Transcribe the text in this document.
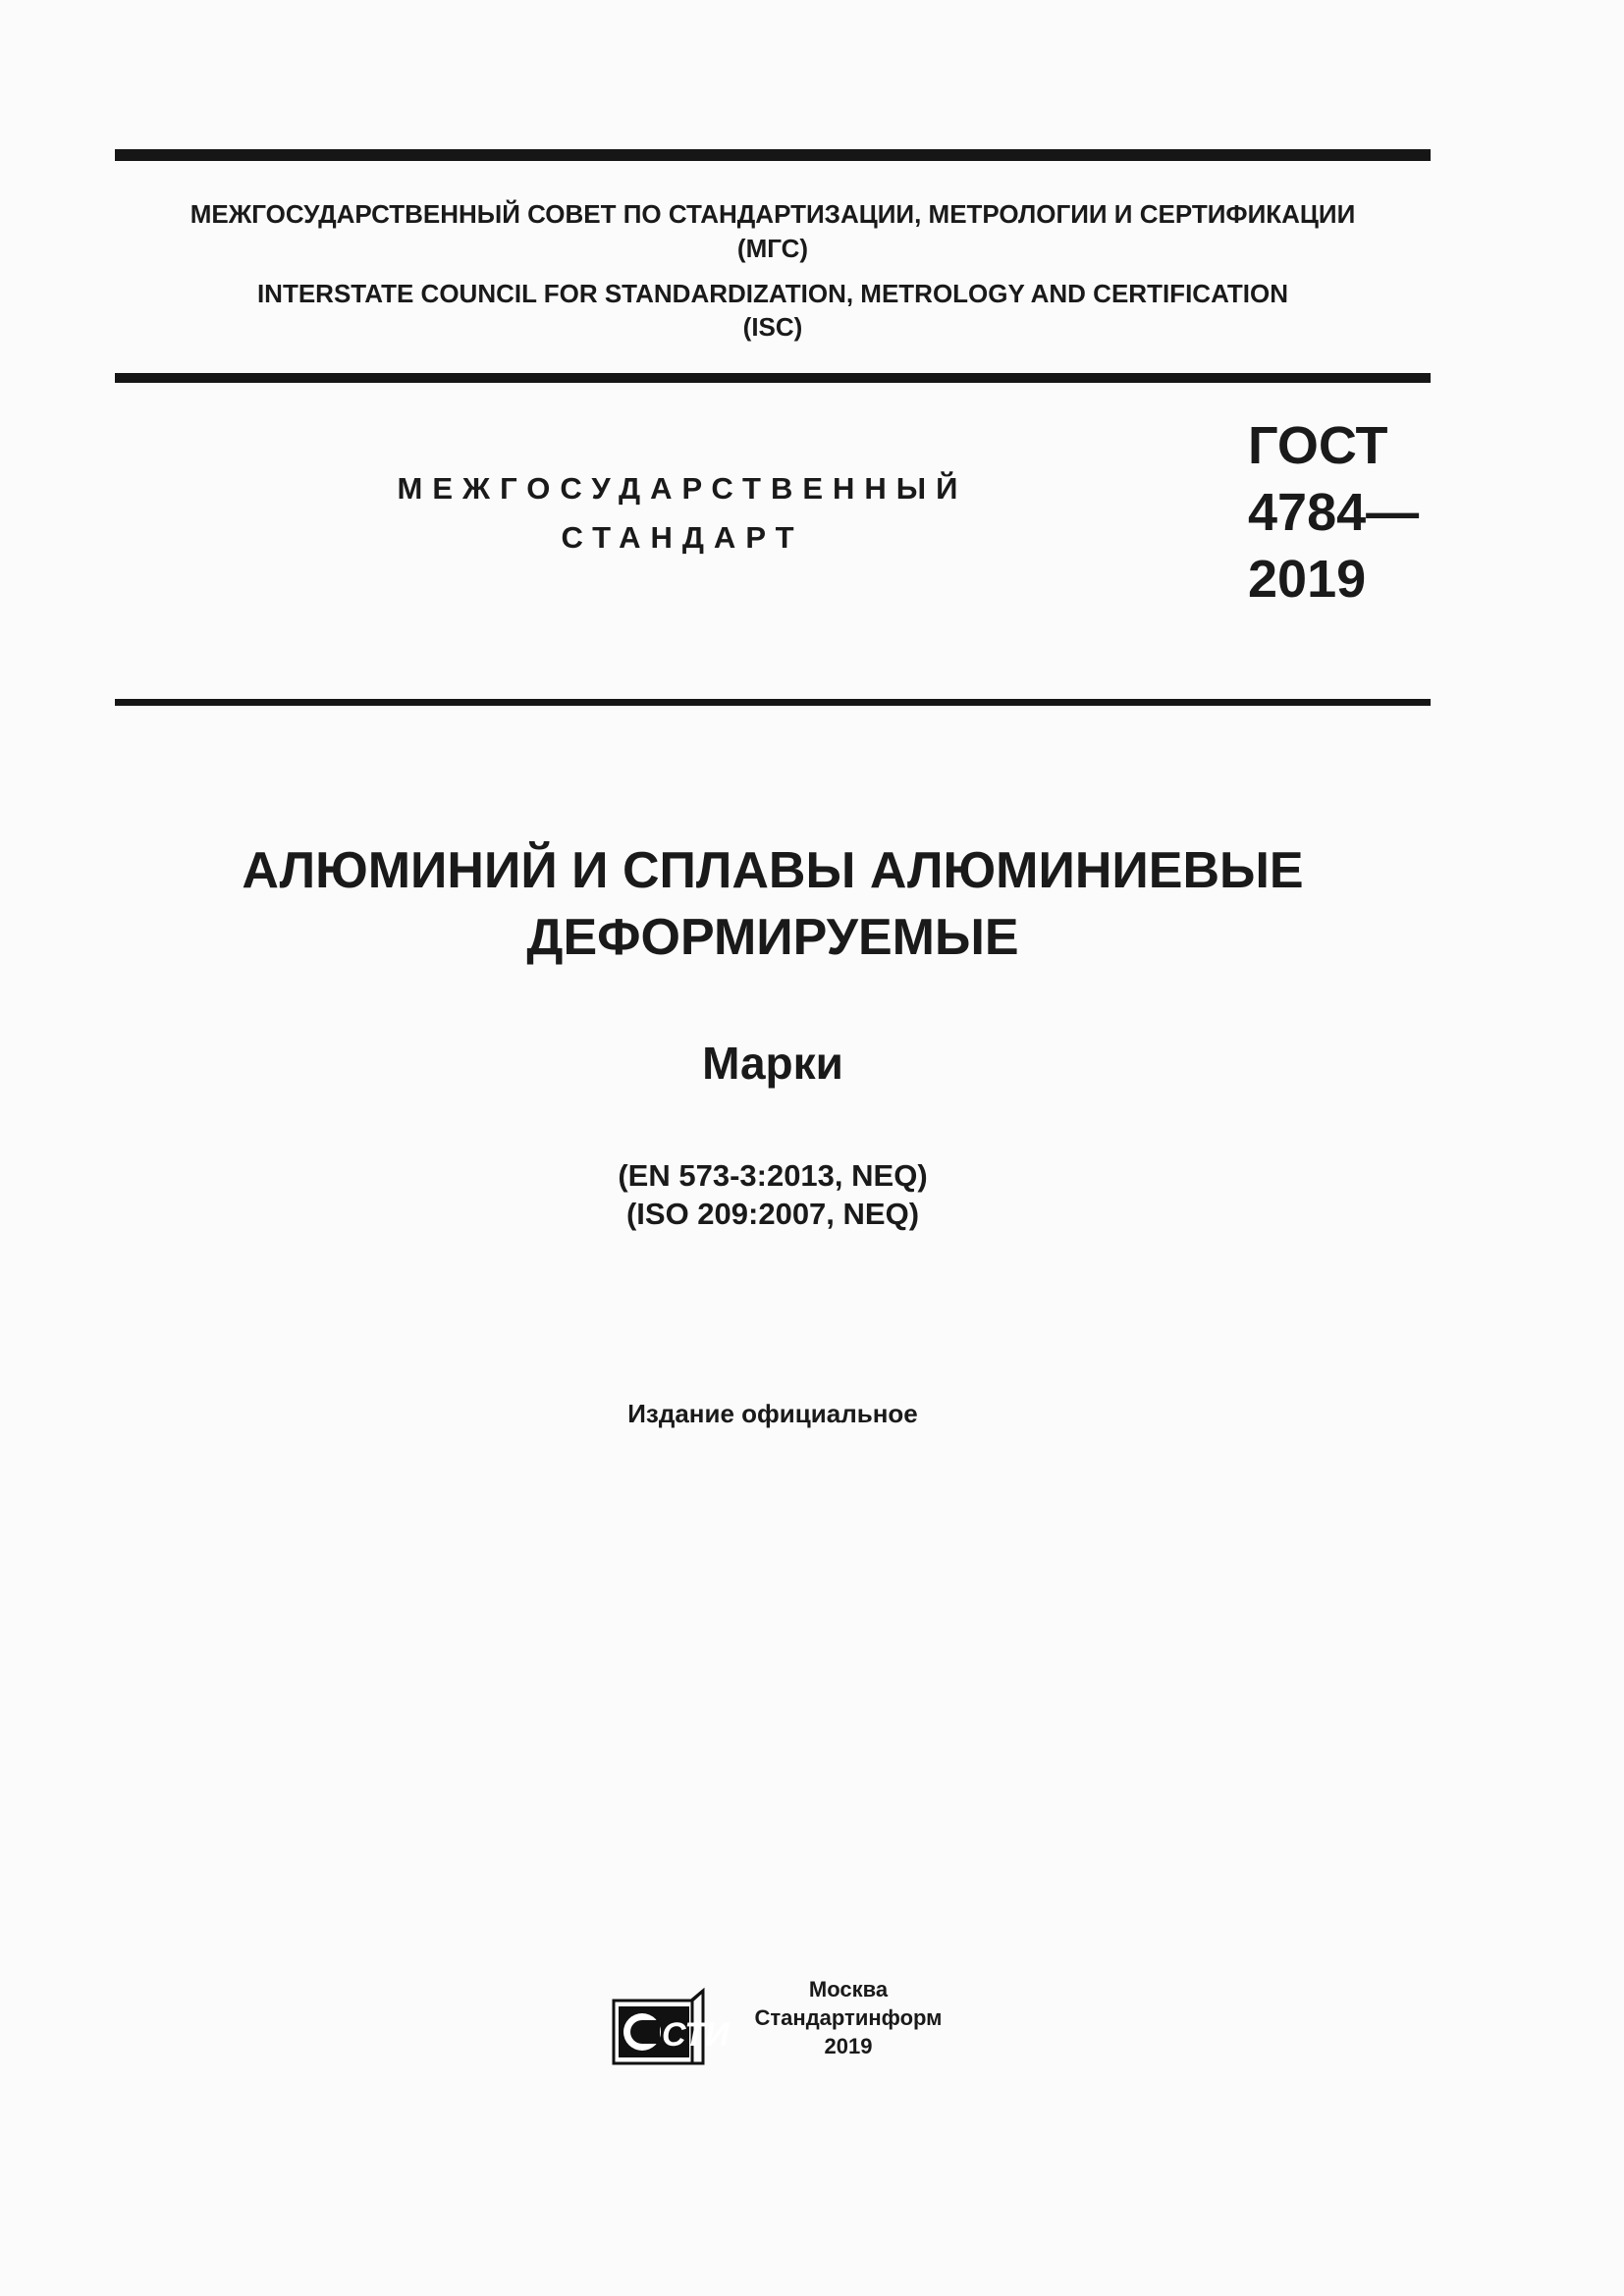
МЕЖГОСУДАРСТВЕННЫЙ СОВЕТ ПО СТАНДАРТИЗАЦИИ, МЕТРОЛОГИИ И СЕРТИФИКАЦИИ
(МГС)
INTERSTATE COUNCIL FOR STANDARDIZATION, METROLOGY AND CERTIFICATION
(ISC)
МЕЖГОСУДАРСТВЕННЫЙ
СТАНДАРТ
ГОСТ
4784—
2019
АЛЮМИНИЙ И СПЛАВЫ АЛЮМИНИЕВЫЕ
ДЕФОРМИРУЕМЫЕ
Марки
(EN 573-3:2013, NEQ)
(ISO 209:2007, NEQ)
Издание официальное
СТИ
Москва
Стандартинформ
2019
